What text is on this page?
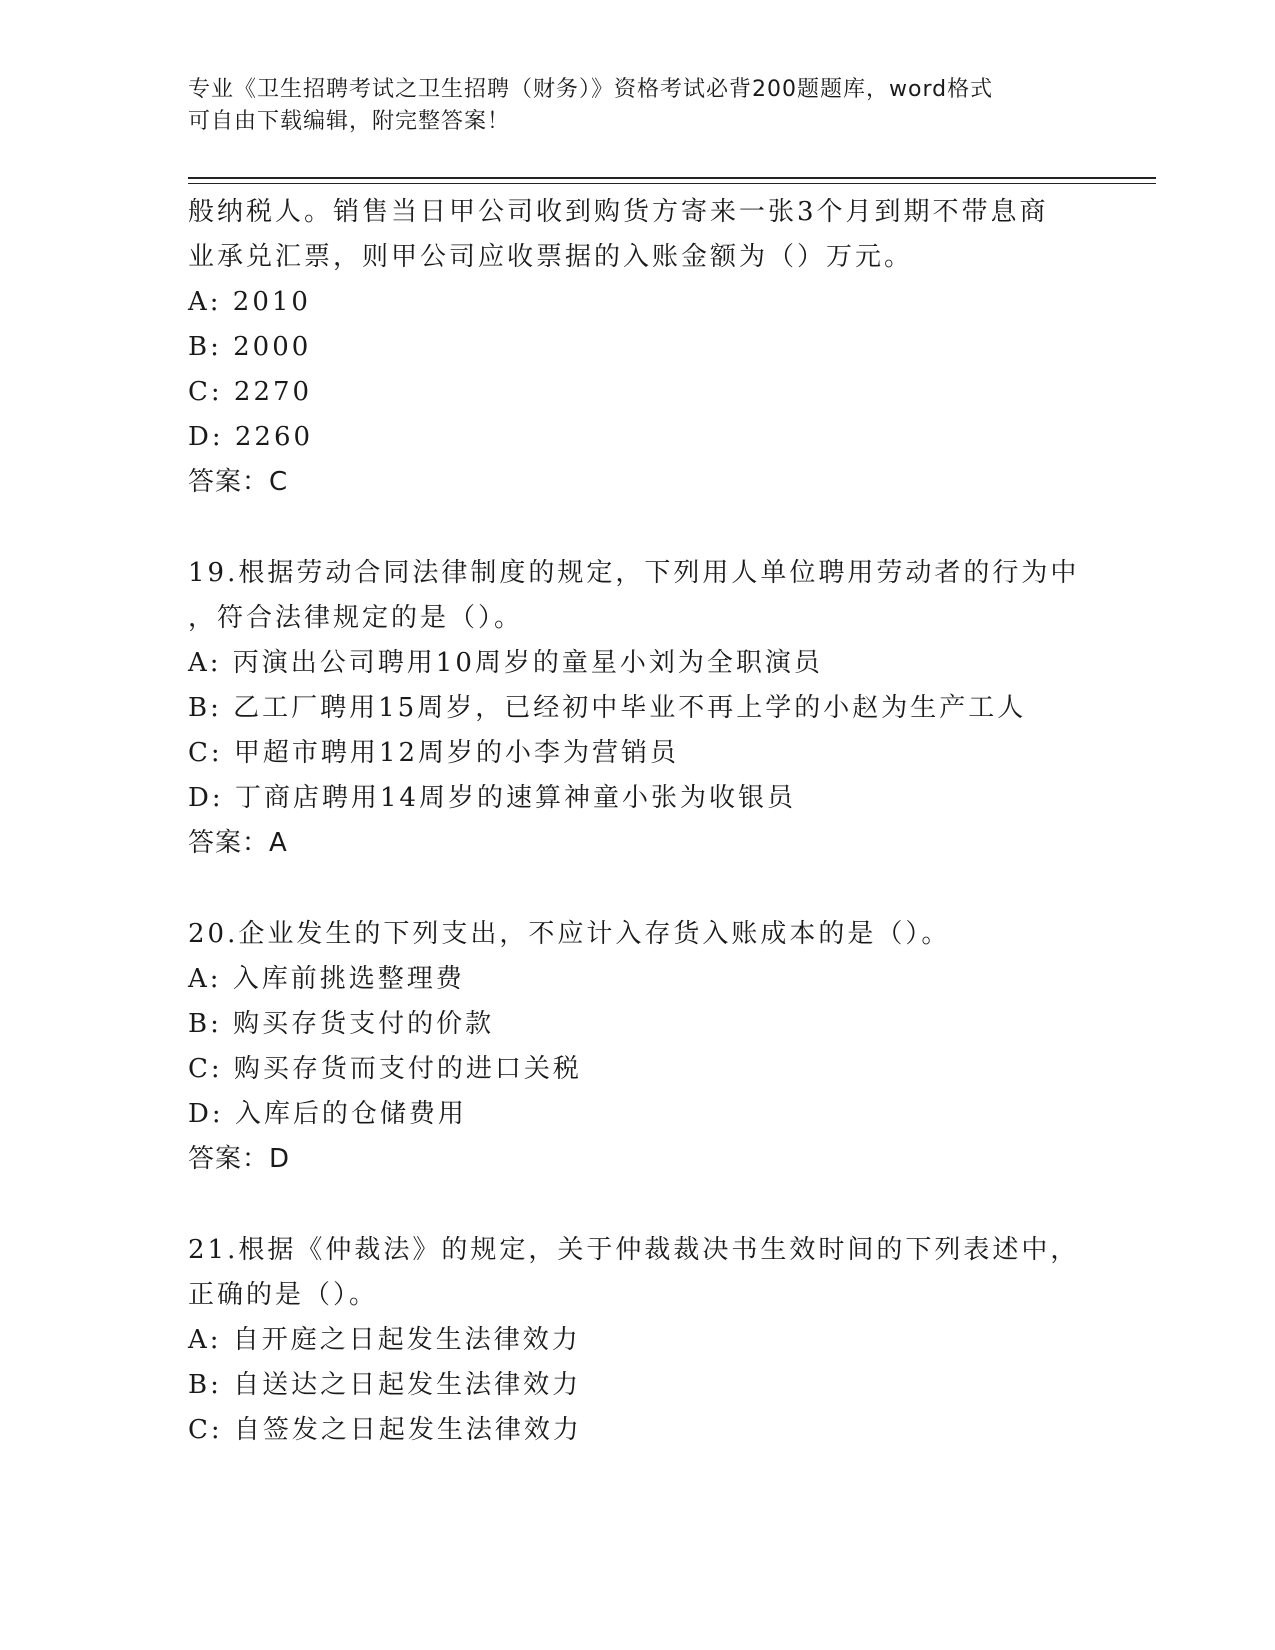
专业《卫生招聘考试之卫生招聘（财务）》资格考试必背200题题库，word格式
可自由下载编辑，附完整答案！
般纳税人。销售当日甲公司收到购货方寄来一张3个月到期不带息商
业承兑汇票，则甲公司应收票据的入账金额为（）万元。
A: 2010
B: 2000
C: 2270
D: 2260
答案：C
19.根据劳动合同法律制度的规定，下列用人单位聘用劳动者的行为中
，符合法律规定的是（）。
A: 丙演出公司聘用10周岁的童星小刘为全职演员
B: 乙工厂聘用15周岁，已经初中毕业不再上学的小赵为生产工人
C: 甲超市聘用12周岁的小李为营销员
D: 丁商店聘用14周岁的速算神童小张为收银员
答案：A
20.企业发生的下列支出，不应计入存货入账成本的是（）。
A: 入库前挑选整理费
B: 购买存货支付的价款
C: 购买存货而支付的进口关税
D: 入库后的仓储费用
答案：D
21.根据《仲裁法》的规定，关于仲裁裁决书生效时间的下列表述中，
正确的是（）。
A: 自开庭之日起发生法律效力
B: 自送达之日起发生法律效力
C: 自签发之日起发生法律效力
